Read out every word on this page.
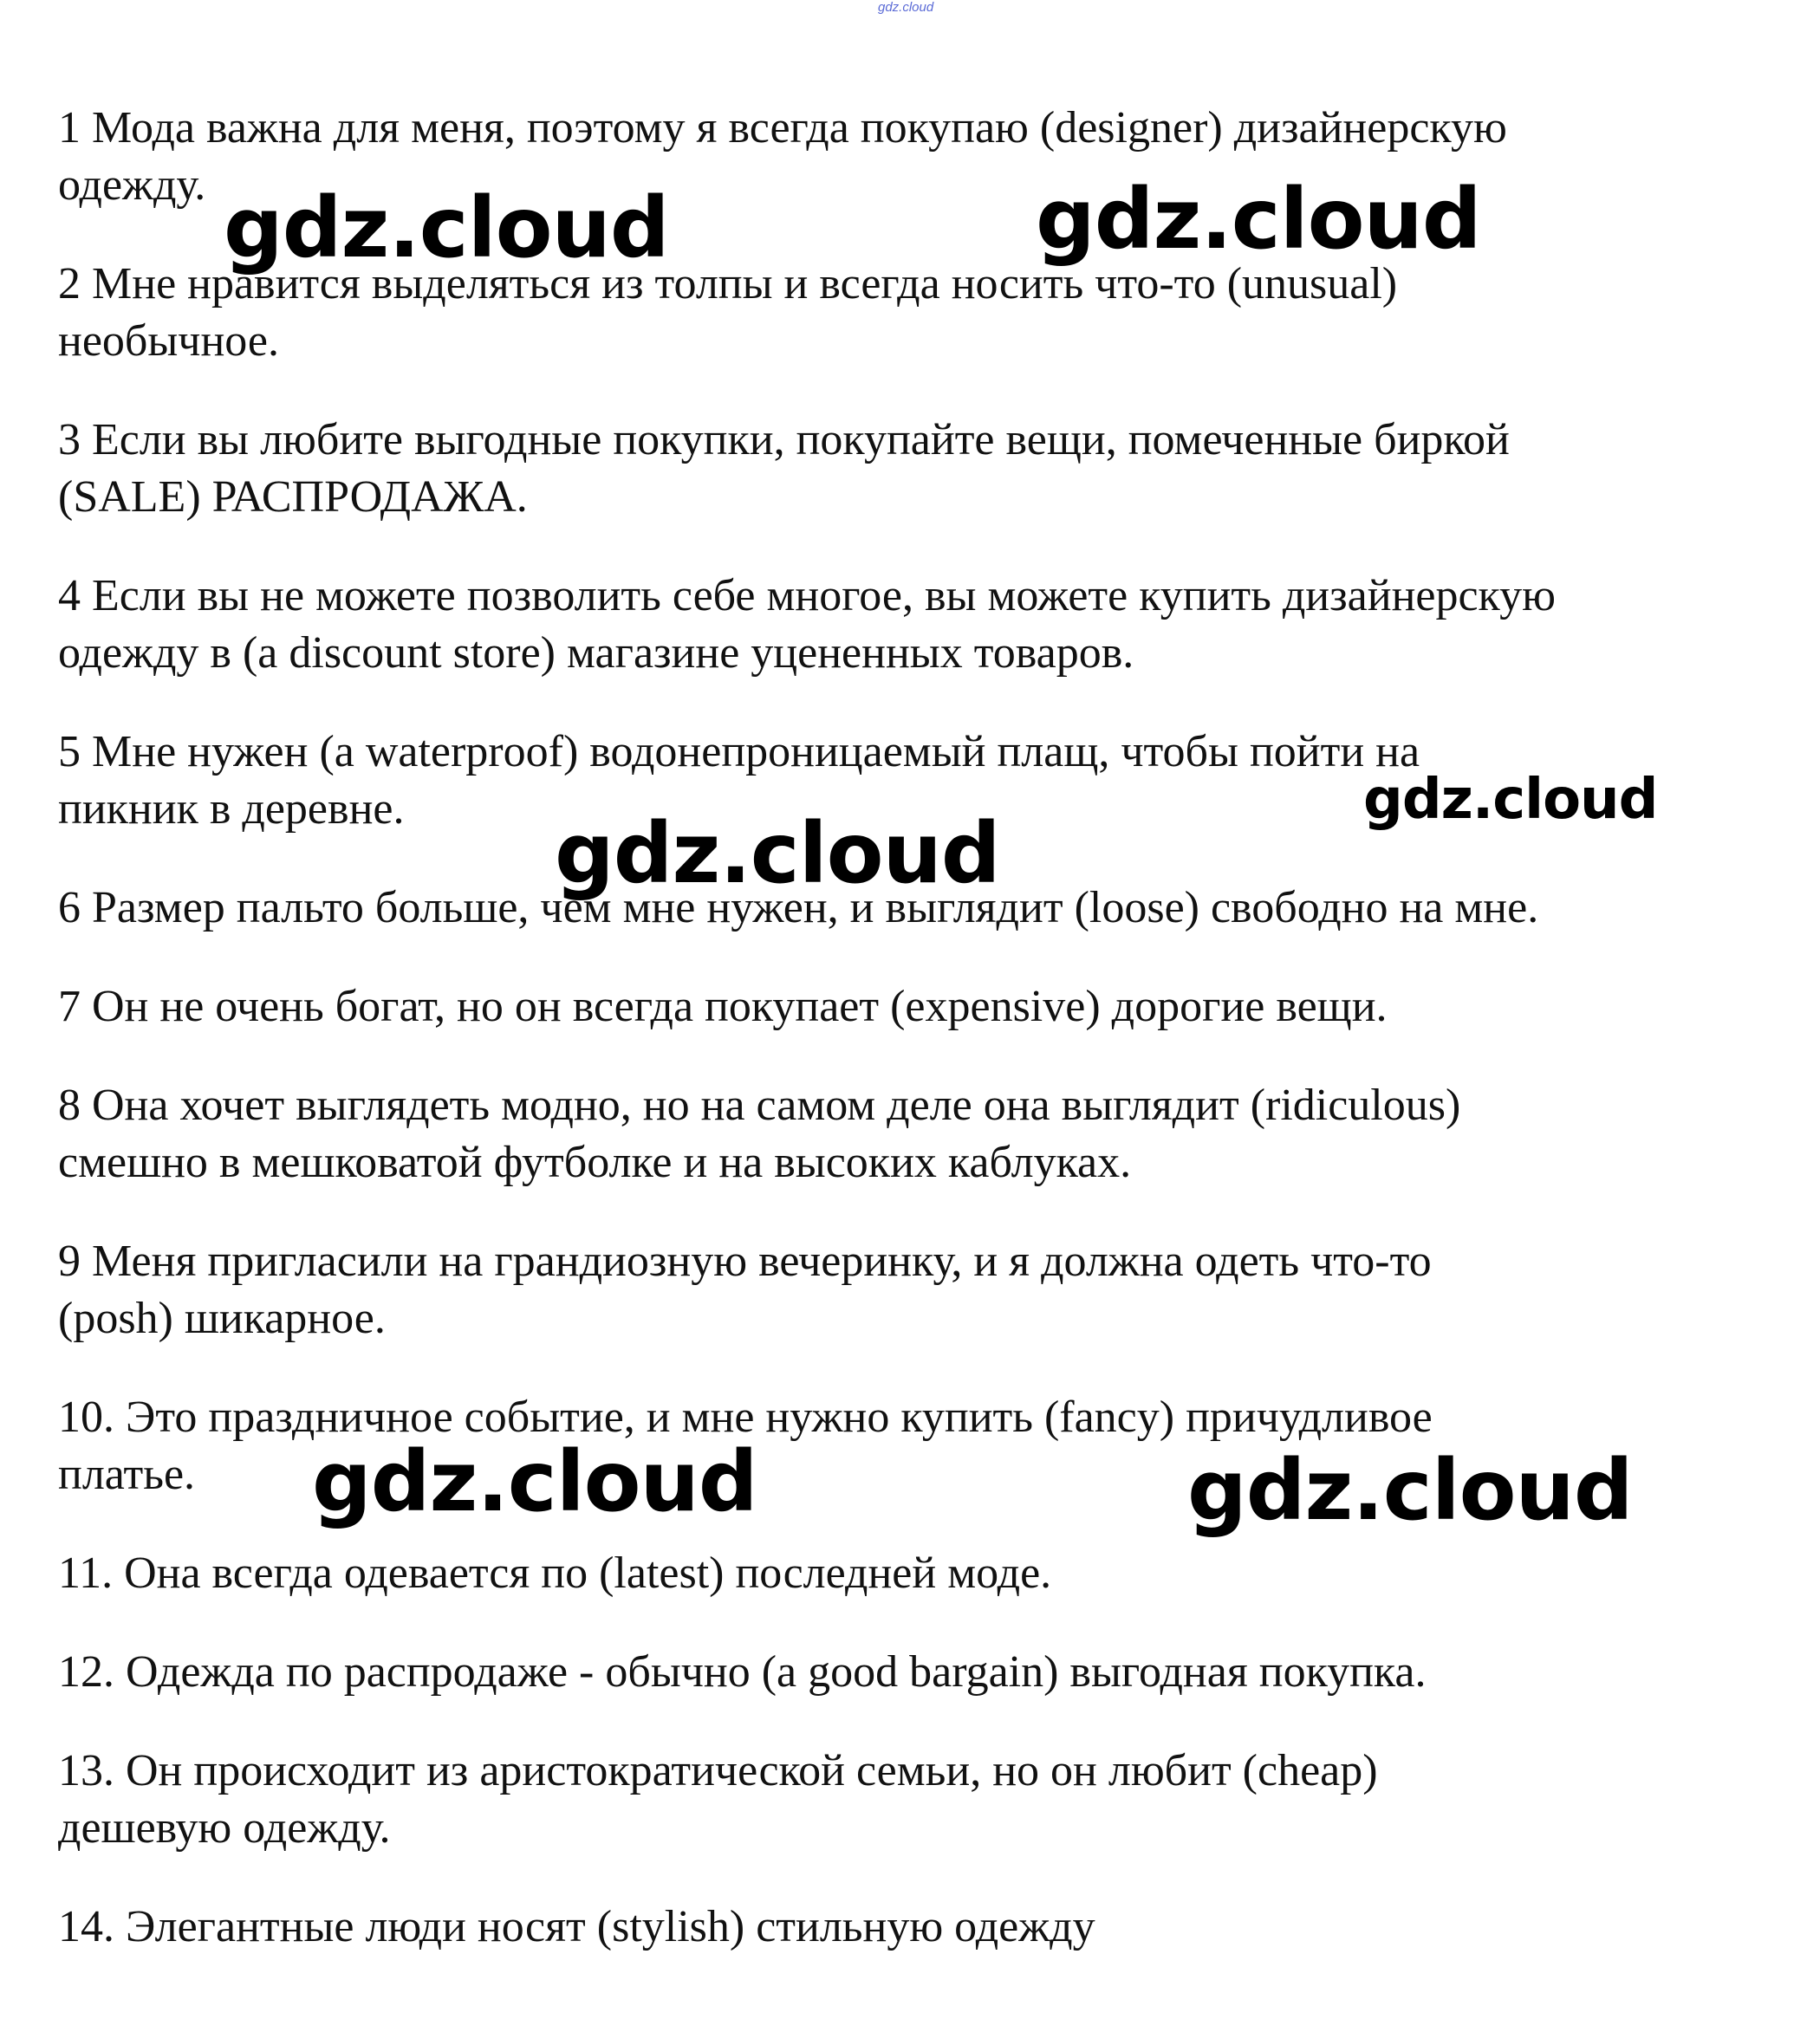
gdz.cloud
1 Мода важна для меня, поэтому я всегда покупаю (designer) дизайнерскую
одежду.
2 Мне нравится выделяться из толпы и всегда носить что-то (unusual)
необычное.
3 Если вы любите выгодные покупки, покупайте вещи, помеченные биркой
(SALE) РАСПРОДАЖА.
4 Если вы не можете позволить себе многое, вы можете купить дизайнерскую
одежду в (a discount store) магазине уцененных товаров.
5 Мне нужен (a waterproof) водонепроницаемый плащ, чтобы пойти на
пикник в деревне.
6 Размер пальто больше, чем мне нужен, и выглядит (loose) свободно на мне.
7 Он не очень богат, но он всегда покупает (expensive) дорогие вещи.
8 Она хочет выглядеть модно, но на самом деле она выглядит (ridiculous)
смешно в мешковатой футболке и на высоких каблуках.
9 Меня пригласили на грандиозную вечеринку, и я должна одеть что-то
(posh) шикарное.
10. Это праздничное событие, и мне нужно купить (fancy) причудливое
платье.
11. Она всегда одевается по (latest) последней моде.
12. Одежда по распродаже - обычно (a good bargain) выгодная покупка.
13. Он происходит из аристократической семьи, но он любит (cheap)
дешевую одежду.
14. Элегантные люди носят (stylish) стильную одежду
gdz.cloud	gdz.cloud
gdz.cloud
gdz.cloud
gdz.cloud	gdz.cloud
